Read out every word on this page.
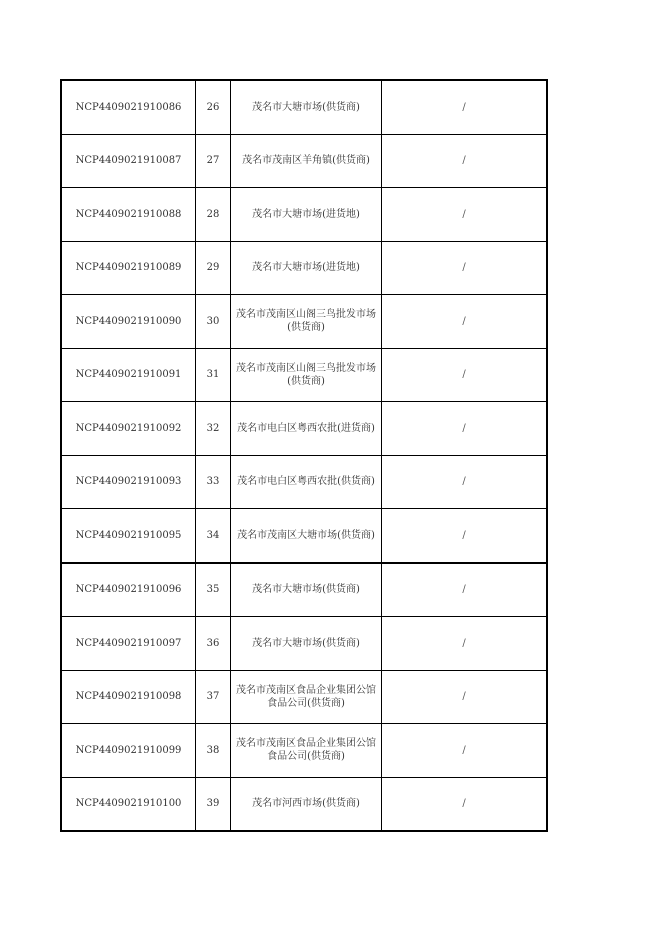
NCP4409021910086	26	茂名市大塘市场(供货商)	/
NCP4409021910087	27	茂名市茂南区羊角镇(供货商)	/
NCP4409021910088	28	茂名市大塘市场(进货地)	/
NCP4409021910089	29	茂名市大塘市场(进货地)	/
NCP4409021910090	30	茂名市茂南区山阁三鸟批发市场(供货商)	/
NCP4409021910091	31	茂名市茂南区山阁三鸟批发市场(供货商)	/
NCP4409021910092	32	茂名市电白区粤西农批(进货商)	/
NCP4409021910093	33	茂名市电白区粤西农批(供货商)	/
NCP4409021910095	34	茂名市茂南区大塘市场(供货商)	/
NCP4409021910096	35	茂名市大塘市场(供货商)	/
NCP4409021910097	36	茂名市大塘市场(供货商)	/
NCP4409021910098	37	茂名市茂南区食品企业集团公馆食品公司(供货商)	/
NCP4409021910099	38	茂名市茂南区食品企业集团公馆食品公司(供货商)	/
NCP4409021910100	39	茂名市河西市场(供货商)	/
